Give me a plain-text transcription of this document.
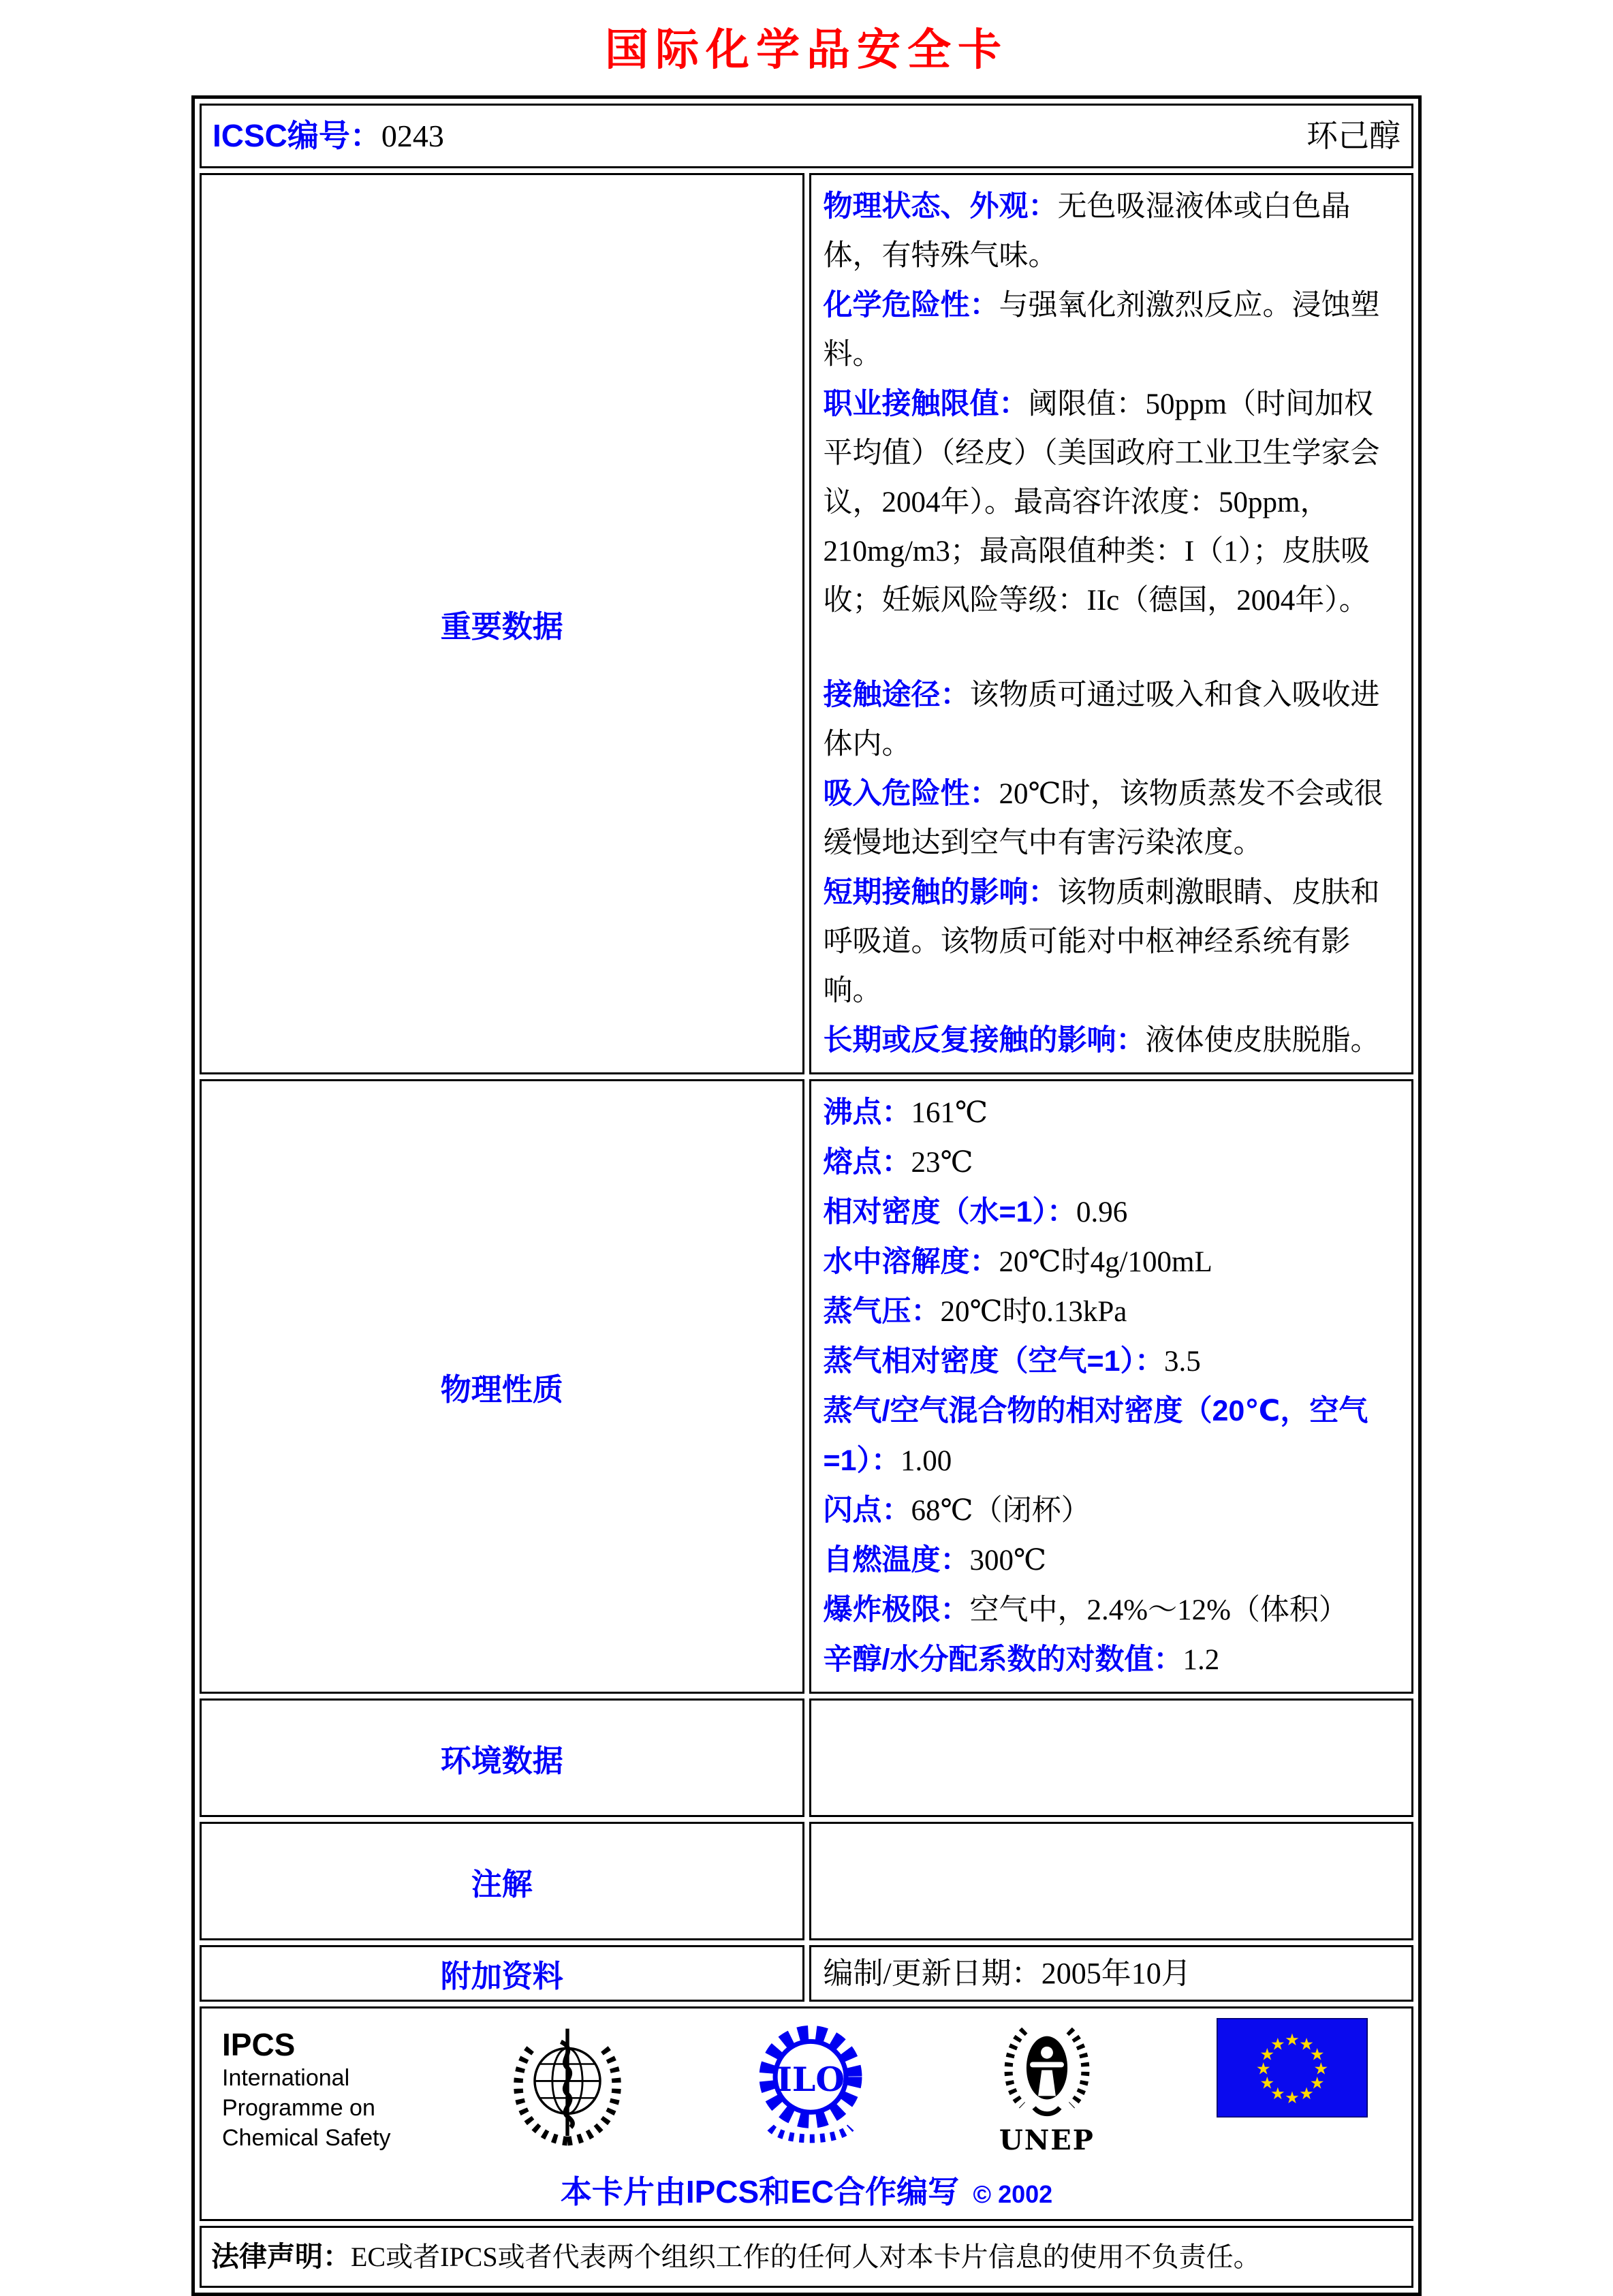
国际化学品安全卡
ICSC编号：0243 环己醇	

重要数据	
物理状态、外观：无色吸湿液体或白色晶体，有特殊气味。
化学危险性：与强氧化剂激烈反应。浸蚀塑料。
职业接触限值：阈限值：50ppm（时间加权平均值）（经皮）（美国政府工业卫生学家会议，2004年）。最高容许浓度：50ppm，210mg/m3；最高限值种类：I（1）；皮肤吸收；妊娠风险等级：IIc（德国，2004年）。
接触途径：该物质可通过吸入和食入吸收进体内。
吸入危险性：20℃时，该物质蒸发不会或很缓慢地达到空气中有害污染浓度。
短期接触的影响：该物质刺激眼睛、皮肤和呼吸道。该物质可能对中枢神经系统有影响。
长期或反复接触的影响：液体使皮肤脱脂。

物理性质	
沸点：161℃
熔点：23℃
相对密度（水=1）：0.96
水中溶解度：20℃时4g/100mL
蒸气压：20℃时0.13kPa
蒸气相对密度（空气=1）：3.5
蒸气/空气混合物的相对密度（20℃，空气=1）：1.00
闪点：68℃（闭杯）
自燃温度：300℃
爆炸极限：空气中，2.4%～12%（体积）
辛醇/水分配系数的对数值：1.2

环境数据	

注解	

附加资料	编制/更新日期：2005年10月

IPCS
International
Programme on
Chemical Safety
ILO
UNEP
★ ★
★
★
★
★
★
★
★
★
★
★
本卡片由IPCS和EC合作编写 © 2002

法律声明：EC或者IPCS或者代表两个组织工作的任何人对本卡片信息的使用不负责任。	
